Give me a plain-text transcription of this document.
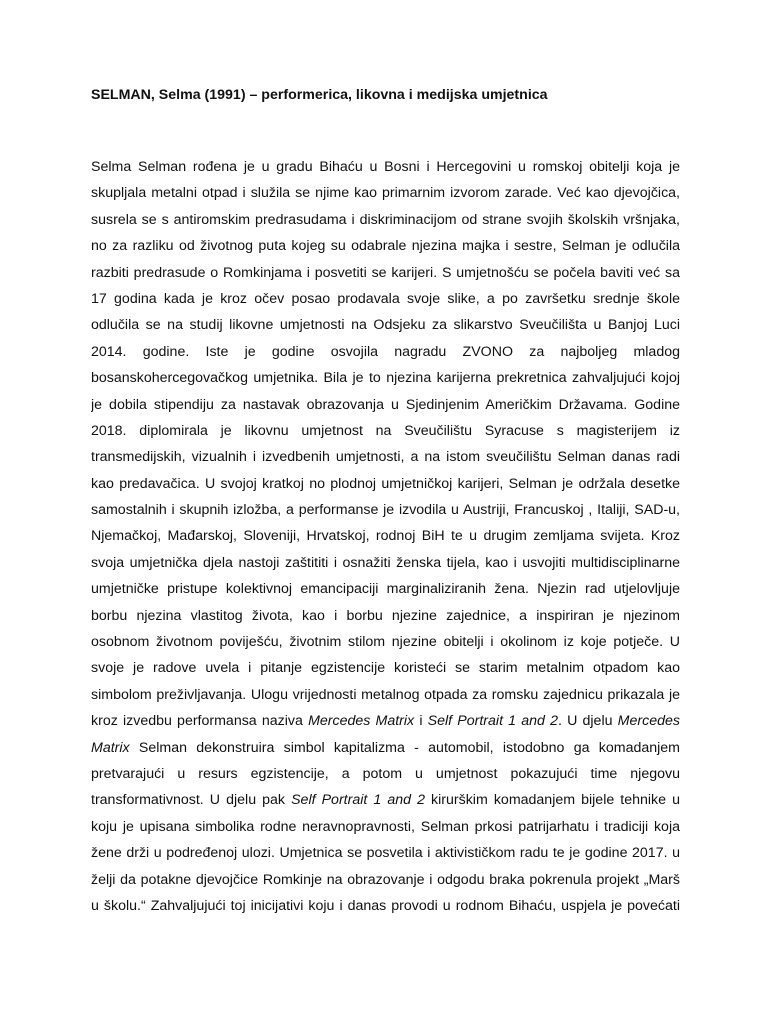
SELMAN, Selma (1991) – performerica, likovna i medijska umjetnica
Selma Selman rođena je u gradu Bihaću u Bosni i Hercegovini u romskoj obitelji koja je
skupljala metalni otpad i služila se njime kao primarnim izvorom zarade. Već kao djevojčica,
susrela se s antiromskim predrasudama i diskriminacijom od strane svojih školskih vršnjaka,
no za razliku od životnog puta kojeg su odabrale njezina majka i sestre, Selman je odlučila
razbiti predrasude o Romkinjama i posvetiti se karijeri. S umjetnošću se počela baviti već sa
17 godina kada je kroz očev posao prodavala svoje slike, a po završetku srednje škole
odlučila se na studij likovne umjetnosti na Odsjeku za slikarstvo Sveučilišta u Banjoj Luci
2014. godine. Iste je godine osvojila nagradu ZVONO za najboljeg mladog
bosanskohercegovačkog umjetnika. Bila je to njezina karijerna prekretnica zahvaljujući kojoj
je dobila stipendiju za nastavak obrazovanja u Sjedinjenim Američkim Državama. Godine
2018. diplomirala je likovnu umjetnost na Sveučilištu Syracuse s magisterijem iz
transmedijskih, vizualnih i izvedbenih umjetnosti, a na istom sveučilištu Selman danas radi
kao predavačica. U svojoj kratkoj no plodnoj umjetničkoj karijeri, Selman je održala desetke
samostalnih i skupnih izložba, a performanse je izvodila u Austriji, Francuskoj , Italiji, SAD-u,
Njemačkoj, Mađarskoj, Sloveniji, Hrvatskoj, rodnoj BiH te u drugim zemljama svijeta. Kroz
svoja umjetnička djela nastoji zaštititi i osnažiti ženska tijela, kao i usvojiti multidisciplinarne
umjetničke pristupe kolektivnoj emancipaciji marginaliziranih žena. Njezin rad utjelovljuje
borbu njezina vlastitog života, kao i borbu njezine zajednice, a inspiriran je njezinom
osobnom životnom poviješću, životnim stilom njezine obitelji i okolinom iz koje potječe. U
svoje je radove uvela i pitanje egzistencije koristeći se starim metalnim otpadom kao
simbolom preživljavanja. Ulogu vrijednosti metalnog otpada za romsku zajednicu prikazala je
kroz izvedbu performansa naziva Mercedes Matrix i Self Portrait 1 and 2. U djelu Mercedes
Matrix Selman dekonstruira simbol kapitalizma - automobil, istodobno ga komadanjem
pretvarajući u resurs egzistencije, a potom u umjetnost pokazujući time njegovu
transformativnost. U djelu pak Self Portrait 1 and 2 kirurškim komadanjem bijele tehnike u
koju je upisana simbolika rodne neravnopravnosti, Selman prkosi patrijarhatu i tradiciji koja
žene drži u podređenoj ulozi. Umjetnica se posvetila i aktivističkom radu te je godine 2017. u
želji da potakne djevojčice Romkinje na obrazovanje i odgodu braka pokrenula projekt „Marš
u školu.“ Zahvaljujući toj inicijativi koju i danas provodi u rodnom Bihaću, uspjela je povećati
